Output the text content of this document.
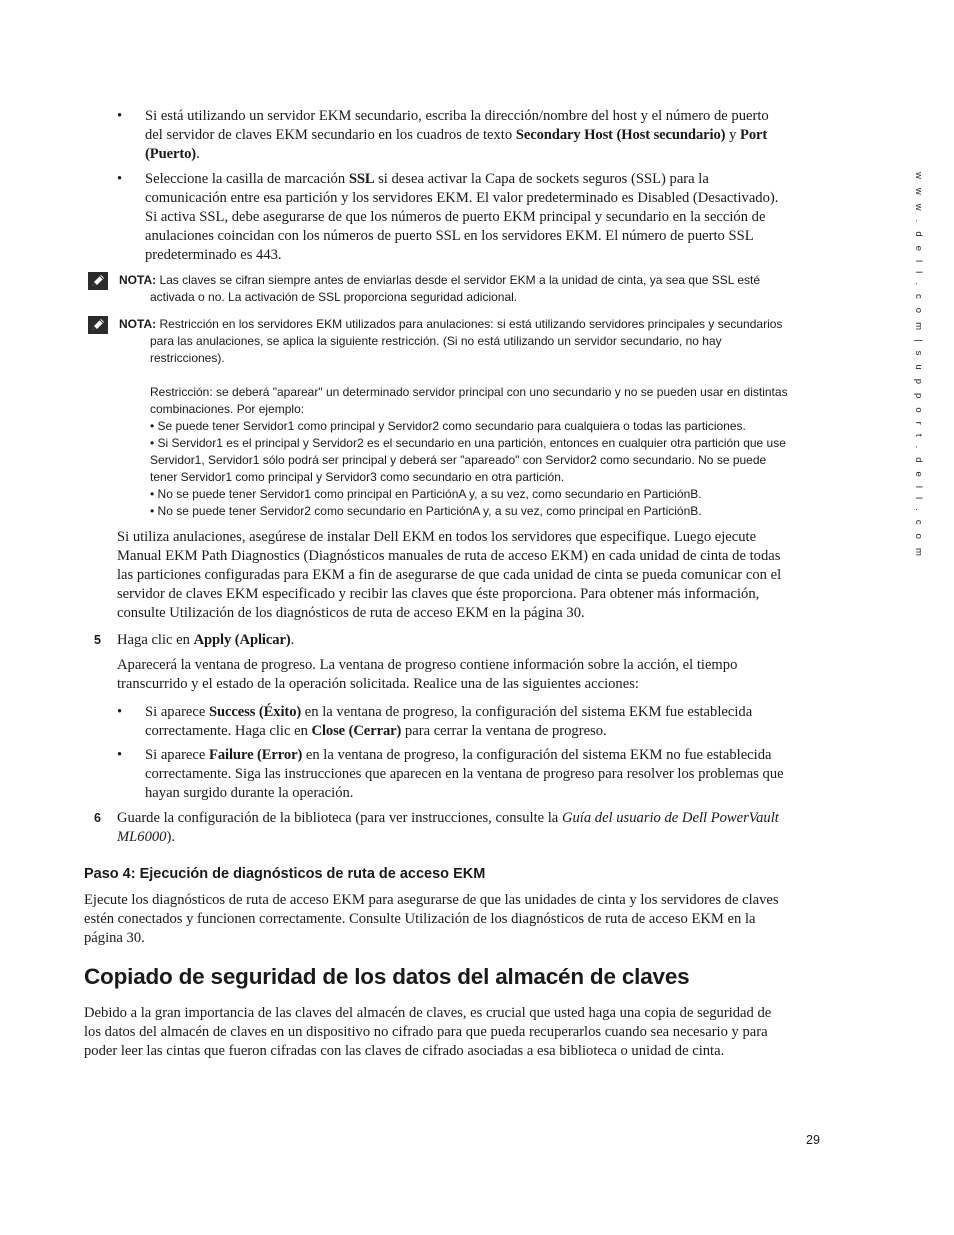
w w w . d e l l . c o m | s u p p o r t . d e l l . c o m
• Si está utilizando un servidor EKM secundario, escriba la dirección/nombre del host y el número de puerto del servidor de claves EKM secundario en los cuadros de texto Secondary Host (Host secundario) y Port (Puerto).
• Seleccione la casilla de marcación SSL si desea activar la Capa de sockets seguros (SSL) para la comunicación entre esa partición y los servidores EKM. El valor predeterminado es Disabled (Desactivado). Si activa SSL, debe asegurarse de que los números de puerto EKM principal y secundario en la sección de anulaciones coincidan con los números de puerto SSL en los servidores EKM. El número de puerto SSL predeterminado es 443.
NOTA: Las claves se cifran siempre antes de enviarlas desde el servidor EKM a la unidad de cinta, ya sea que SSL esté activada o no. La activación de SSL proporciona seguridad adicional.
NOTA: Restricción en los servidores EKM utilizados para anulaciones: si está utilizando servidores principales y secundarios para las anulaciones, se aplica la siguiente restricción. (Si no está utilizando un servidor secundario, no hay restricciones).
Restricción: se deberá "aparear" un determinado servidor principal con uno secundario y no se pueden usar en distintas combinaciones. Por ejemplo:
• Se puede tener Servidor1 como principal y Servidor2 como secundario para cualquiera o todas las particiones.
• Si Servidor1 es el principal y Servidor2 es el secundario en una partición, entonces en cualquier otra partición que use Servidor1, Servidor1 sólo podrá ser principal y deberá ser "apareado" con Servidor2 como secundario. No se puede tener Servidor1 como principal y Servidor3 como secundario en otra partición.
• No se puede tener Servidor1 como principal en ParticiónA y, a su vez, como secundario en ParticiónB.
• No se puede tener Servidor2 como secundario en ParticiónA y, a su vez, como principal en ParticiónB.
Si utiliza anulaciones, asegúrese de instalar Dell EKM en todos los servidores que especifique. Luego ejecute Manual EKM Path Diagnostics (Diagnósticos manuales de ruta de acceso EKM) en cada unidad de cinta de todas las particiones configuradas para EKM a fin de asegurarse de que cada unidad de cinta se pueda comunicar con el servidor de claves EKM especificado y recibir las claves que éste proporciona. Para obtener más información, consulte Utilización de los diagnósticos de ruta de acceso EKM en la página 30.
5 Haga clic en Apply (Aplicar).
Aparecerá la ventana de progreso. La ventana de progreso contiene información sobre la acción, el tiempo transcurrido y el estado de la operación solicitada. Realice una de las siguientes acciones:
• Si aparece Success (Éxito) en la ventana de progreso, la configuración del sistema EKM fue establecida correctamente. Haga clic en Close (Cerrar) para cerrar la ventana de progreso.
• Si aparece Failure (Error) en la ventana de progreso, la configuración del sistema EKM no fue establecida correctamente. Siga las instrucciones que aparecen en la ventana de progreso para resolver los problemas que hayan surgido durante la operación.
6 Guarde la configuración de la biblioteca (para ver instrucciones, consulte la Guía del usuario de Dell PowerVault ML6000).
Paso 4: Ejecución de diagnósticos de ruta de acceso EKM
Ejecute los diagnósticos de ruta de acceso EKM para asegurarse de que las unidades de cinta y los servidores de claves estén conectados y funcionen correctamente. Consulte Utilización de los diagnósticos de ruta de acceso EKM en la página 30.
Copiado de seguridad de los datos del almacén de claves
Debido a la gran importancia de las claves del almacén de claves, es crucial que usted haga una copia de seguridad de los datos del almacén de claves en un dispositivo no cifrado para que pueda recuperarlos cuando sea necesario y para poder leer las cintas que fueron cifradas con las claves de cifrado asociadas a esa biblioteca o unidad de cinta.
29
